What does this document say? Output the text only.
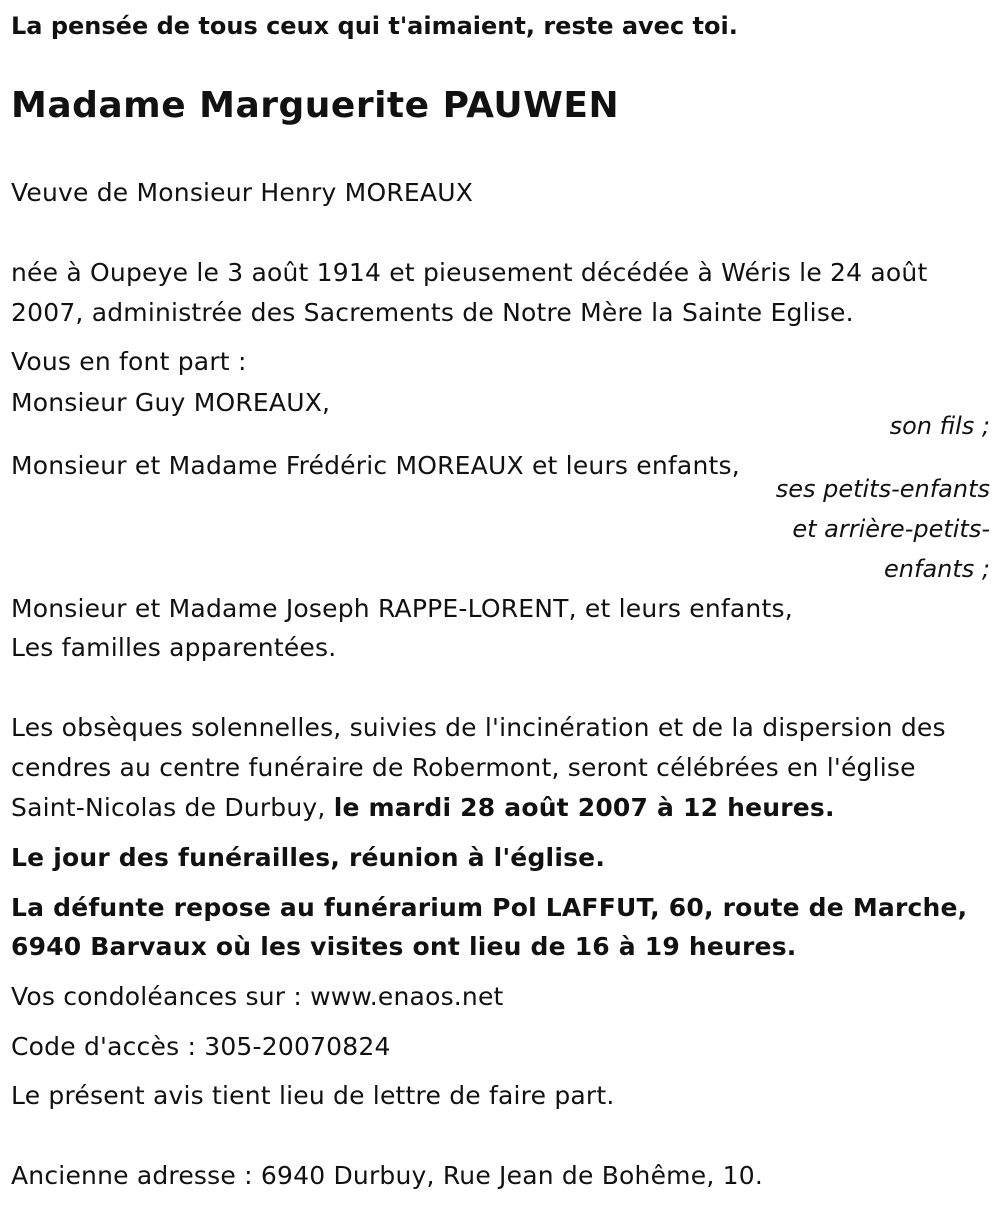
La pensée de tous ceux qui t'aimaient, reste avec toi.

Madame Marguerite PAUWEN

Veuve de Monsieur Henry MOREAUX

née à Oupeye le 3 août 1914 et pieusement décédée à Wéris le 24 août

2007, administrée des Sacrements de Notre Mère la Sainte Eglise.

Vous en font part :

Monsieur Guy MOREAUX,

son fils ;

Monsieur et Madame Frédéric MOREAUX et leurs enfants,

ses petits-enfants

et arrière-petits-

enfants ;

Monsieur et Madame Joseph RAPPE-LORENT, et leurs enfants,

Les familles apparentées.

Les obsèques solennelles, suivies de l'incinération et de la dispersion des

cendres au centre funéraire de Robermont, seront célébrées en l'église

Saint-Nicolas de Durbuy, le mardi 28 août 2007 à 12 heures.

Le jour des funérailles, réunion à l'église.

La défunte repose au funérarium Pol LAFFUT, 60, route de Marche,

6940 Barvaux où les visites ont lieu de 16 à 19 heures.

Vos condoléances sur : www.enaos.net

Code d'accès : 305-20070824

Le présent avis tient lieu de lettre de faire part.

Ancienne adresse : 6940 Durbuy, Rue Jean de Bohême, 10.
